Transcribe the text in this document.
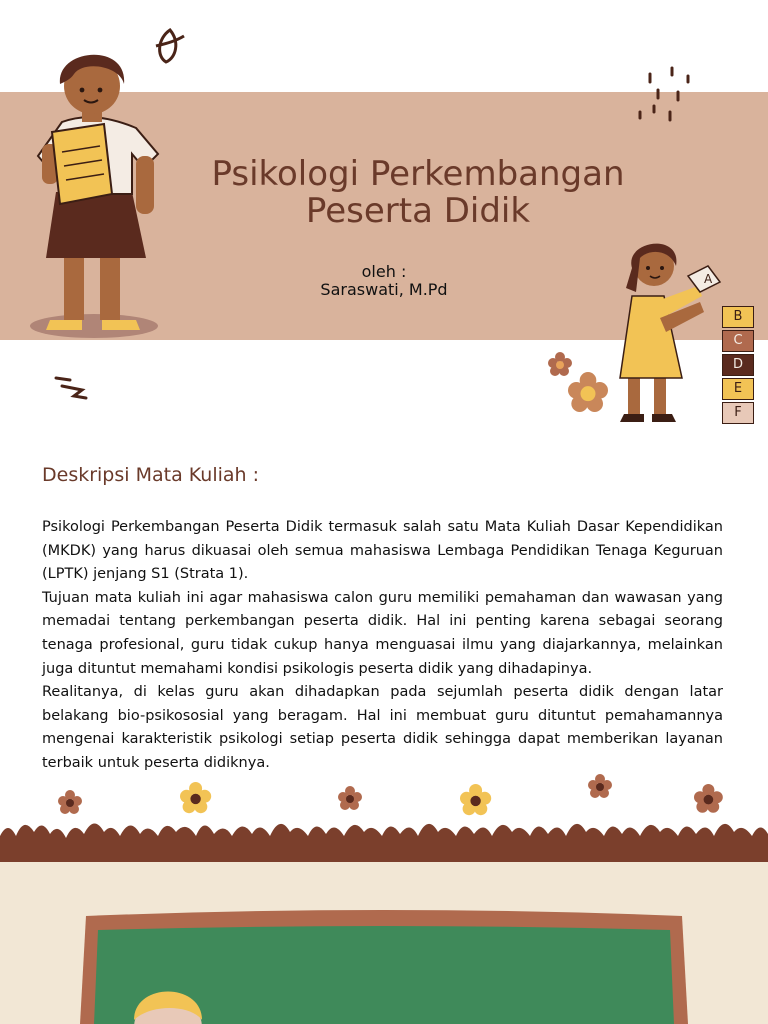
Psikologi Perkembangan
Peserta Didik
oleh :
Saraswati, M.Pd
A
B
C
D
E
F
Deskripsi Mata Kuliah :

Psikologi Perkembangan Peserta Didik termasuk salah satu Mata Kuliah Dasar Kependidikan (MKDK) yang harus dikuasai oleh semua mahasiswa Lembaga Pendidikan Tenaga Keguruan (LPTK) jenjang S1 (Strata 1).

Tujuan mata kuliah ini agar mahasiswa calon guru memiliki pemahaman dan wawasan yang memadai tentang perkembangan peserta didik. Hal ini penting karena sebagai seorang tenaga profesional, guru tidak cukup hanya menguasai ilmu yang diajarkannya, melainkan juga dituntut memahami kondisi psikologis peserta didik yang dihadapinya.

Realitanya, di kelas guru akan dihadapkan pada sejumlah peserta didik dengan latar belakang bio-psikososial yang beragam. Hal ini membuat guru dituntut pemahamannya mengenai karakteristik psikologi setiap peserta didik sehingga dapat memberikan layanan terbaik untuk peserta didiknya.
